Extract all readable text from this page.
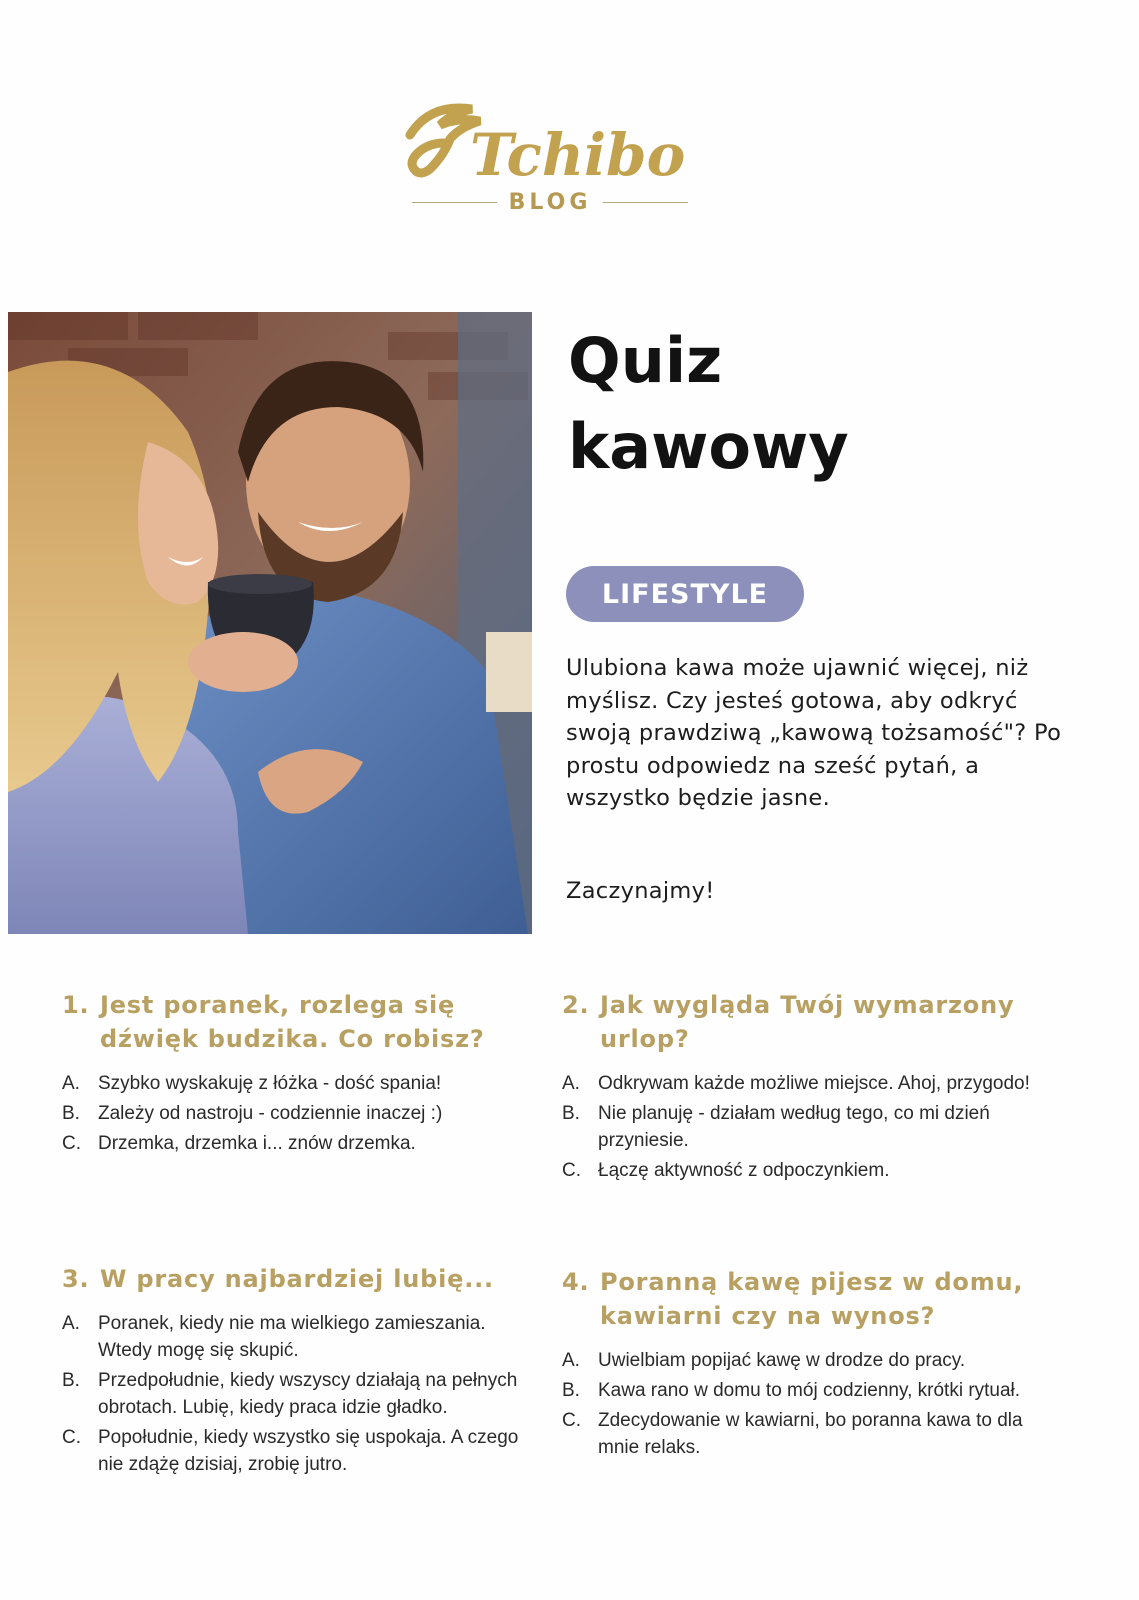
Tchibo
BLOG
Quiz
kawowy
LIFESTYLE

Ulubiona kawa może ujawnić więcej, niż myślisz. Czy jesteś gotowa, aby odkryć swoją prawdziwą „kawową tożsamość"? Po prostu odpowiedz na sześć pytań, a wszystko będzie jasne.

Zaczynajmy!

1. Jest poranek, rozlega się dźwięk budzika. Co robisz?
A. Szybko wyskakuję z łóżka - dość spania!
B. Zależy od nastroju - codziennie inaczej :)
C. Drzemka, drzemka i... znów drzemka.
2. Jak wygląda Twój wymarzony urlop?
A. Odkrywam każde możliwe miejsce. Ahoj, przygodo!
B. Nie planuję - działam według tego, co mi dzień przyniesie.
C. Łączę aktywność z odpoczynkiem.
3. W pracy najbardziej lubię...
A. Poranek, kiedy nie ma wielkiego zamieszania. Wtedy mogę się skupić.
B. Przedpołudnie, kiedy wszyscy działają na pełnych obrotach. Lubię, kiedy praca idzie gładko.
C. Popołudnie, kiedy wszystko się uspokaja. A czego nie zdążę dzisiaj, zrobię jutro.
4. Poranną kawę pijesz w domu, kawiarni czy na wynos?
A. Uwielbiam popijać kawę w drodze do pracy.
B. Kawa rano w domu to mój codzienny, krótki rytuał.
C. Zdecydowanie w kawiarni, bo poranna kawa to dla mnie relaks.
